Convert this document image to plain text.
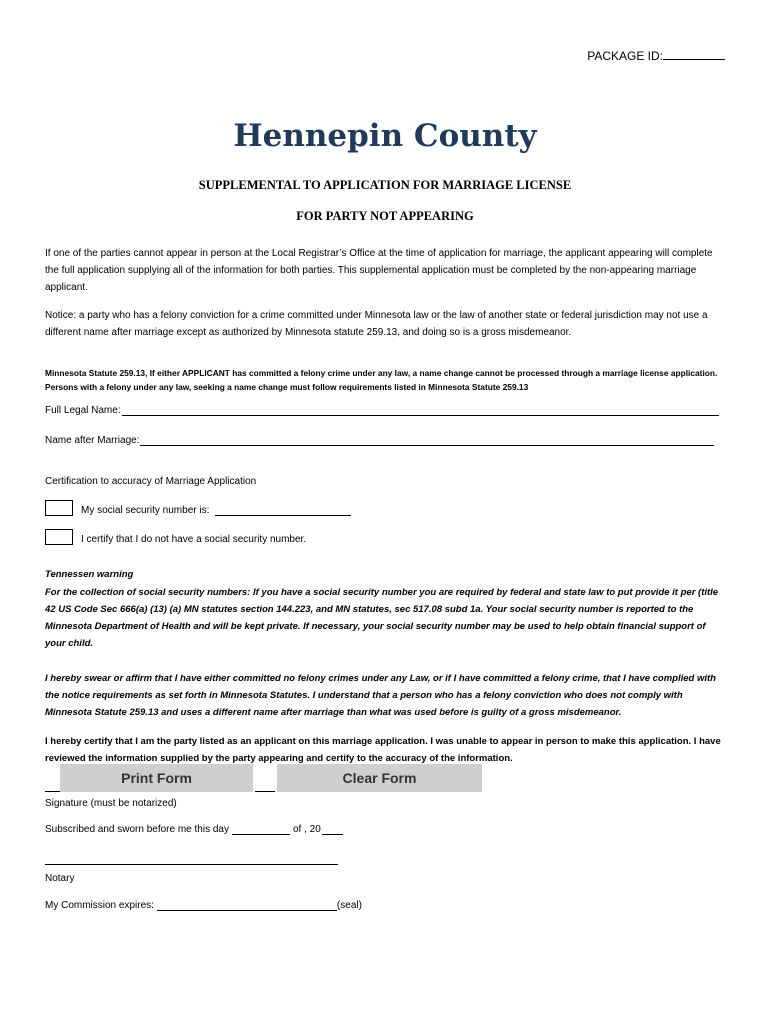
PACKAGE ID:
Hennepin County
SUPPLEMENTAL TO APPLICATION FOR MARRIAGE LICENSE
FOR PARTY NOT APPEARING
If one of the parties cannot appear in person at the Local Registrar’s Office at the time of application for marriage, the applicant appearing will complete the full application supplying all of the information for both parties. This supplemental application must be completed by the non-appearing marriage applicant.
Notice: a party who has a felony conviction for a crime committed under Minnesota law or the law of another state or federal jurisdiction may not use a different name after marriage except as authorized by Minnesota statute 259.13, and doing so is a gross misdemeanor.
Minnesota Statute 259.13, If either APPLICANT has committed a felony crime under any law, a name change cannot be processed through a marriage license application. Persons with a felony under any law, seeking a name change must follow requirements listed in Minnesota Statute 259.13
Full Legal Name:
Name after Marriage:
Certification to accuracy of Marriage Application
My social security number is:
I certify that I do not have a social security number.
Tennessen warning
For the collection of social security numbers: If you have a social security number you are required by federal and state law to put provide it per (title 42 US Code Sec 666(a) (13) (a) MN statutes section 144.223, and MN statutes, sec 517.08 subd 1a. Your social security number is reported to the Minnesota Department of Health and will be kept private. If necessary, your social security number may be used to help obtain financial support of your child.
I hereby swear or affirm that I have either committed no felony crimes under any Law, or if I have committed a felony crime, that I have complied with the notice requirements as set forth in Minnesota Statutes. I understand that a person who has a felony conviction who does not comply with Minnesota Statute 259.13 and uses a different name after marriage than what was used before is guilty of a gross misdemeanor.
I hereby certify that I am the party listed as an applicant on this marriage application. I was unable to appear in person to make this application. I have reviewed the information supplied by the party appearing and certify to the accuracy of the information.
Print Form	Clear Form
Signature (must be notarized)
Subscribed and sworn before me this day	of , 20
Notary
My Commission expires:	(seal)
